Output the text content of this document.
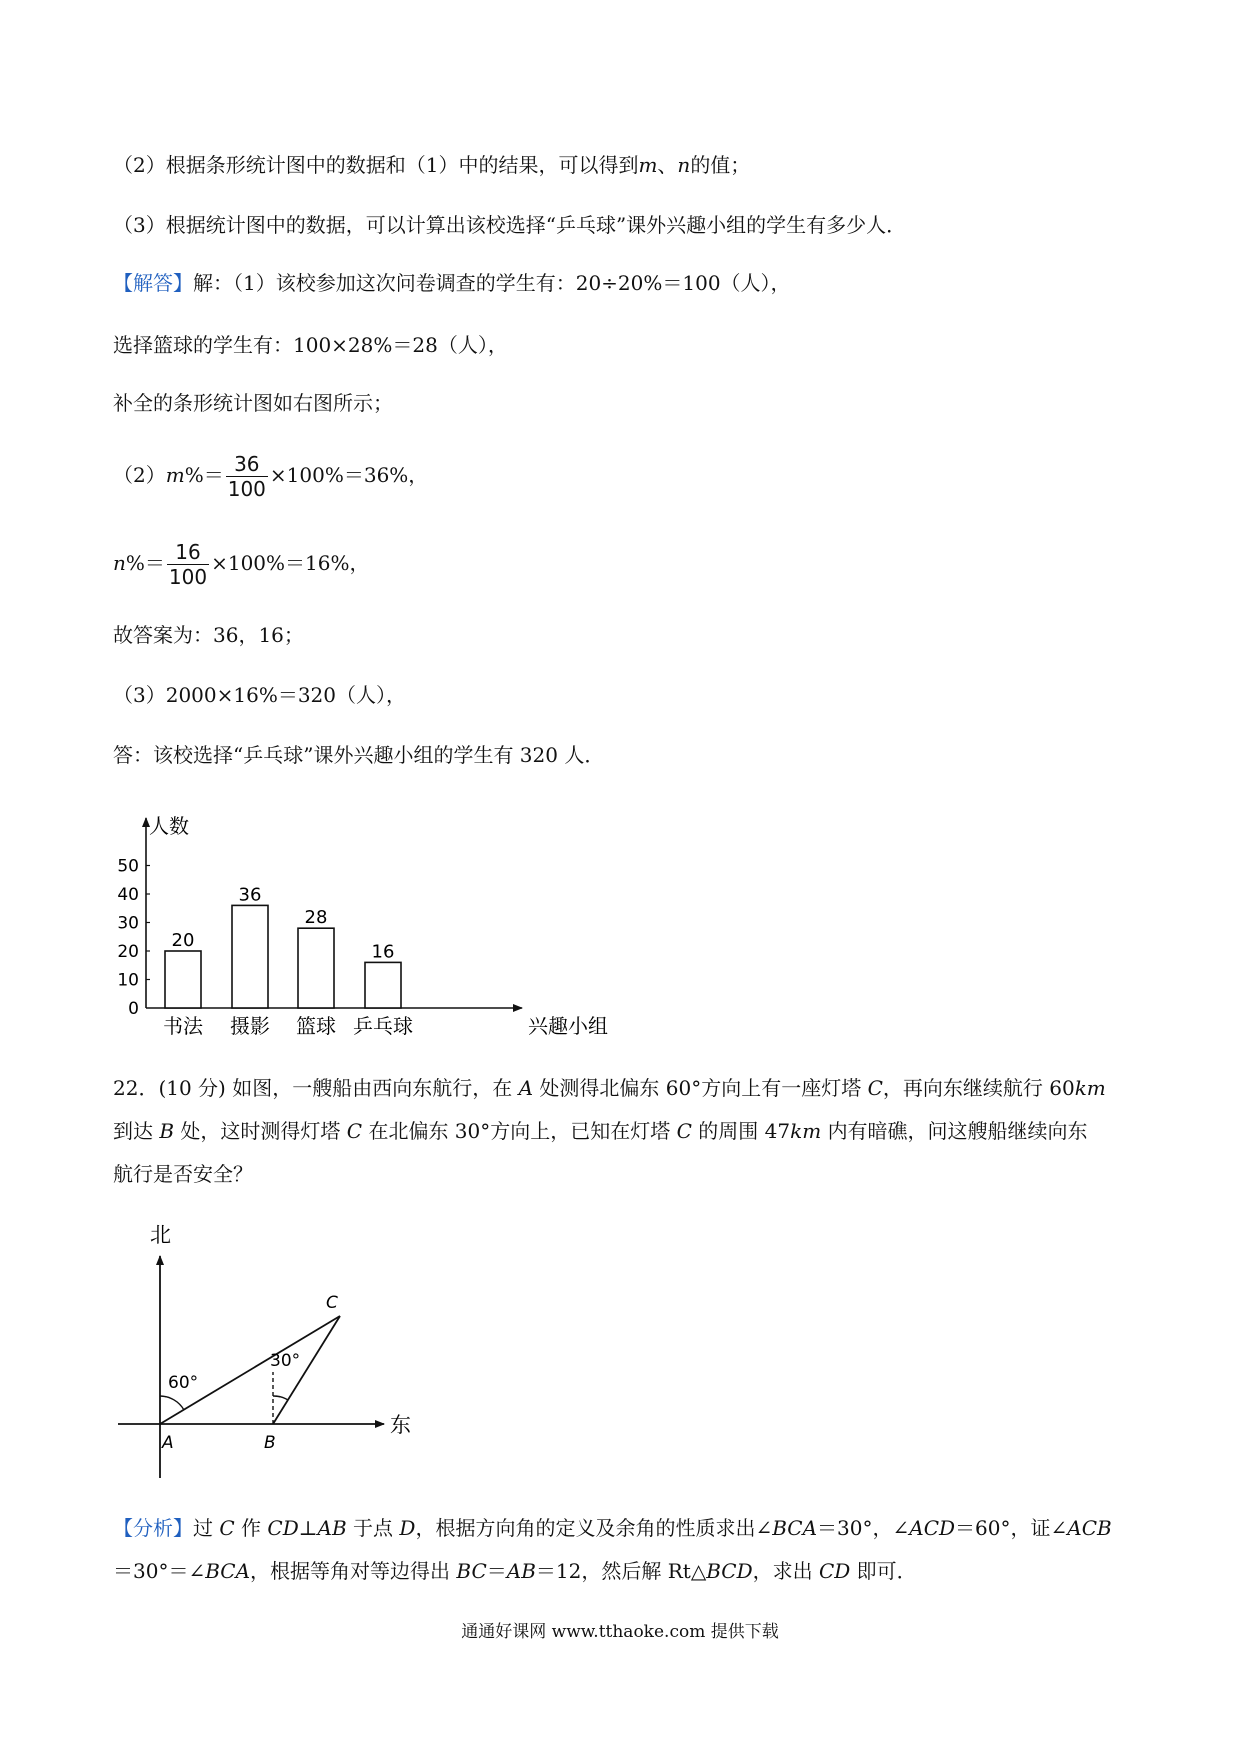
（2）根据条形统计图中的数据和（1）中的结果，可以得到m、n的值；
（3）根据统计图中的数据，可以计算出该校选择“乒乓球”课外兴趣小组的学生有多少人．
【解答】解：（1）该校参加这次问卷调查的学生有：20÷20%＝100（人），
选择篮球的学生有：100×28%＝28（人），
补全的条形统计图如右图所示；
$(2)m\%= \frac{36}{100} \times 100\%=36\%$，
$n\%= \frac{16}{100} \times 100\%=16\%$，
故答案为：36，16；
（3）2000×16%＝320（人），
答：该校选择“乒乓球”课外兴趣小组的学生有 320 人．
人数
兴趣小组
0
10
20
30
40
50
20
书法
36
摄影
28
篮球
16
乒乓球
22．(10 分) 如图，一艘船由西向东航行，在 A 处测得北偏东 60°方向上有一座灯塔 C，再向东继续航行 60km
到达 B 处，这时测得灯塔 C 在北偏东 30°方向上，已知在灯塔 C 的周围 47km 内有暗礁，问这艘船继续向东
航行是否安全？
北
东
60°
30°
A	B
C
【分析】过 C 作 CD⊥AB 于点 D，根据方向角的定义及余角的性质求出∠BCA＝30°，∠ACD＝60°，证∠ACB
＝30°＝∠BCA，根据等角对等边得出 BC＝AB＝12，然后解 Rt△BCD，求出 CD 即可．
通通好课网 www.tthaoke.com 提供下载
